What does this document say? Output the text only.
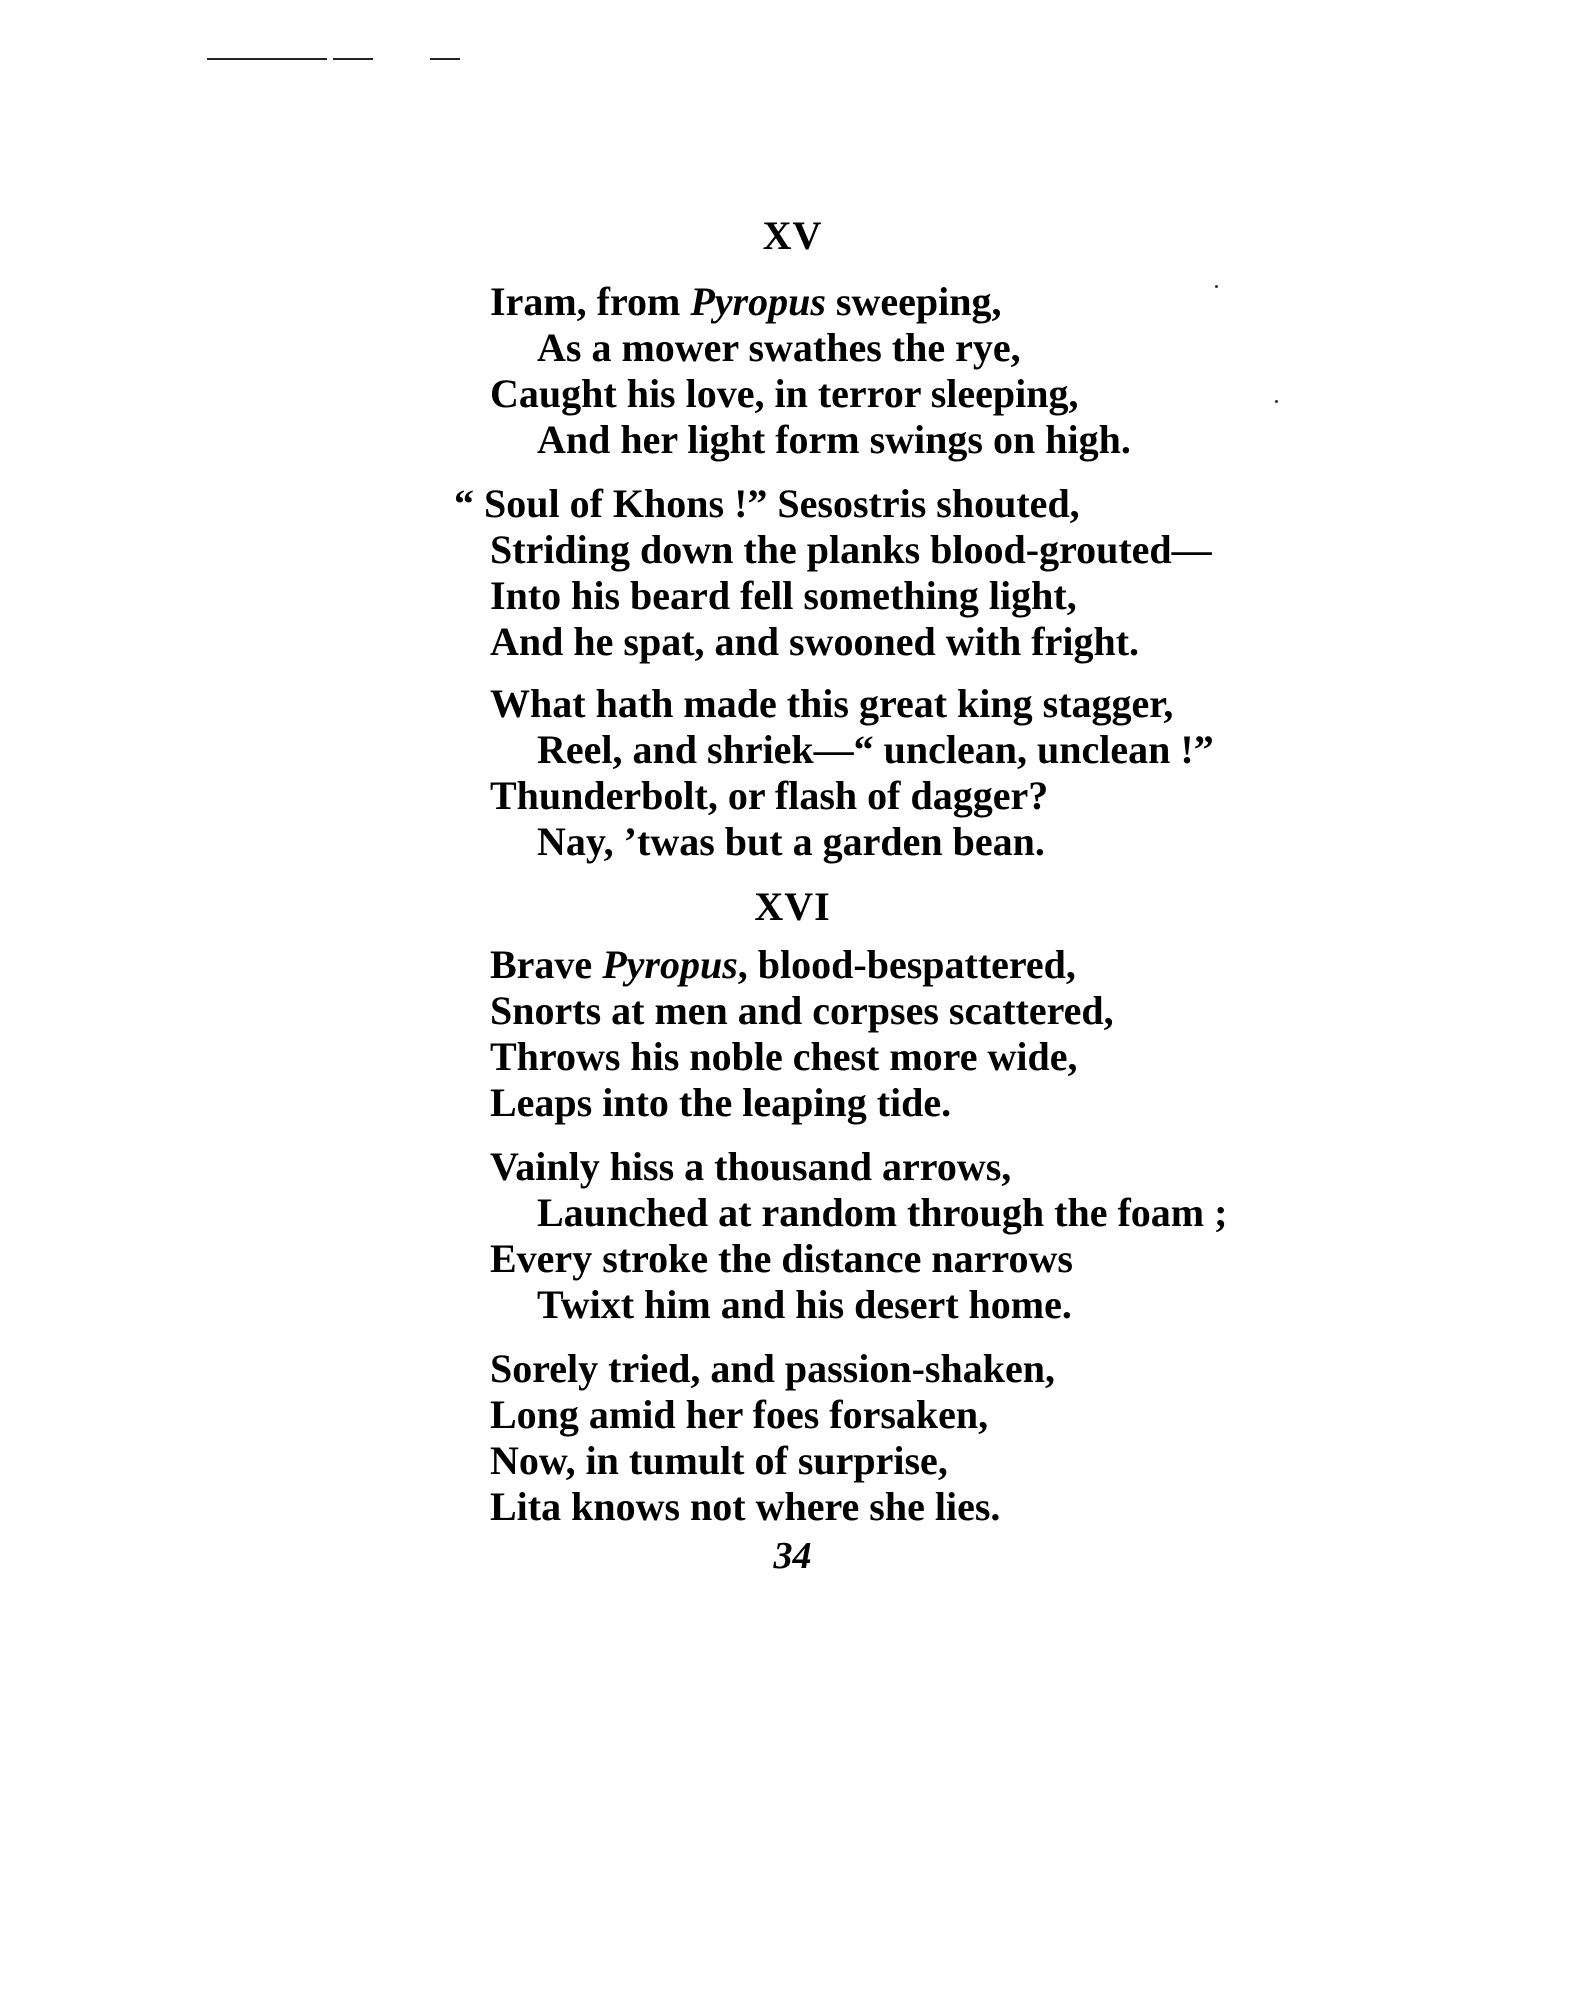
XV
Iram, from Pyropus sweeping,
As a mower swathes the rye,
Caught his love, in terror sleeping,
And her light form swings on high.
“ Soul of Khons !” Sesostris shouted,
Striding down the planks blood-grouted—
Into his beard fell something light,
And he spat, and swooned with fright.
What hath made this great king stagger,
Reel, and shriek—“ unclean, unclean !”
Thunderbolt, or flash of dagger?
Nay, ’twas but a garden bean.
XVI
Brave Pyropus, blood-bespattered,
Snorts at men and corpses scattered,
Throws his noble chest more wide,
Leaps into the leaping tide.
Vainly hiss a thousand arrows,
Launched at random through the foam ;
Every stroke the distance narrows
Twixt him and his desert home.
Sorely tried, and passion-shaken,
Long amid her foes forsaken,
Now, in tumult of surprise,
Lita knows not where she lies.
34
